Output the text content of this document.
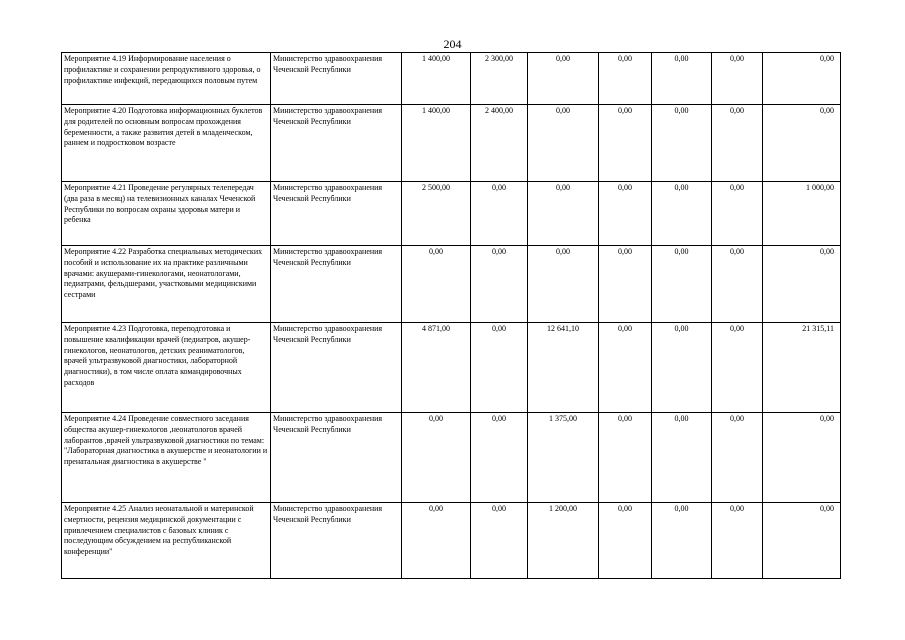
204
Мероприятие 4.19 Информирование населения о профилактике и сохранении репродуктивного здоровья, о профилактике инфекций, передающихся половым путем	Министерство здравоохранения Чеченской Республики	1 400,00	2 300,00	0,00	0,00	0,00	0,00	0,00
Мероприятие 4.20 Подготовка информационных буклетов для родителей по основным вопросам прохождения беременности, а также развития детей в младенческом, раннем и подростковом возрасте	Министерство здравоохранения Чеченской Республики	1 400,00	2 400,00	0,00	0,00	0,00	0,00	0,00
Мероприятие 4.21 Проведение регулярных телепередач (два раза в месяц) на телевизионных каналах Чеченской Республики по вопросам охраны здоровья матери и ребенка	Министерство здравоохранения Чеченской Республики	2 500,00	0,00	0,00	0,00	0,00	0,00	1 000,00
Мероприятие 4.22 Разработка специальных методических пособий и использование их на практике различными врачами: акушерами-гинекологами, неонатологами, педиатрами, фельдшерами, участковыми медицинскими сестрами	Министерство здравоохранения Чеченской Республики	0,00	0,00	0,00	0,00	0,00	0,00	0,00
Мероприятие 4.23 Подготовка, переподготовка и повышение квалификации врачей (педиатров, акушер-гинекологов, неонатологов, детских реаниматологов, врачей ультразвуковой диагностики, лабораторной диагностики), в том числе оплата командировочных расходов	Министерство здравоохранения Чеченской Республики	4 871,00	0,00	12 641,10	0,00	0,00	0,00	21 315,11
Мероприятие 4.24 Проведение совместного заседания общества акушер-гинекологов ,неонатологов врачей лаборантов ,врачей ультразвуковой диагностики по темам: "Лабораторная диагностика в акушерстве и неонатологии и пренатальная диагностика в акушерстве "	Министерство здравоохранения Чеченской Республики	0,00	0,00	1 375,00	0,00	0,00	0,00	0,00
Мероприятие 4.25 Анализ неонатальной и материнской смертности, рецензия медицинской документации с привлечением специалистов с базовых клиник с последующим обсуждением на республиканской конференции"	Министерство здравоохранения Чеченской Республики	0,00	0,00	1 200,00	0,00	0,00	0,00	0,00
